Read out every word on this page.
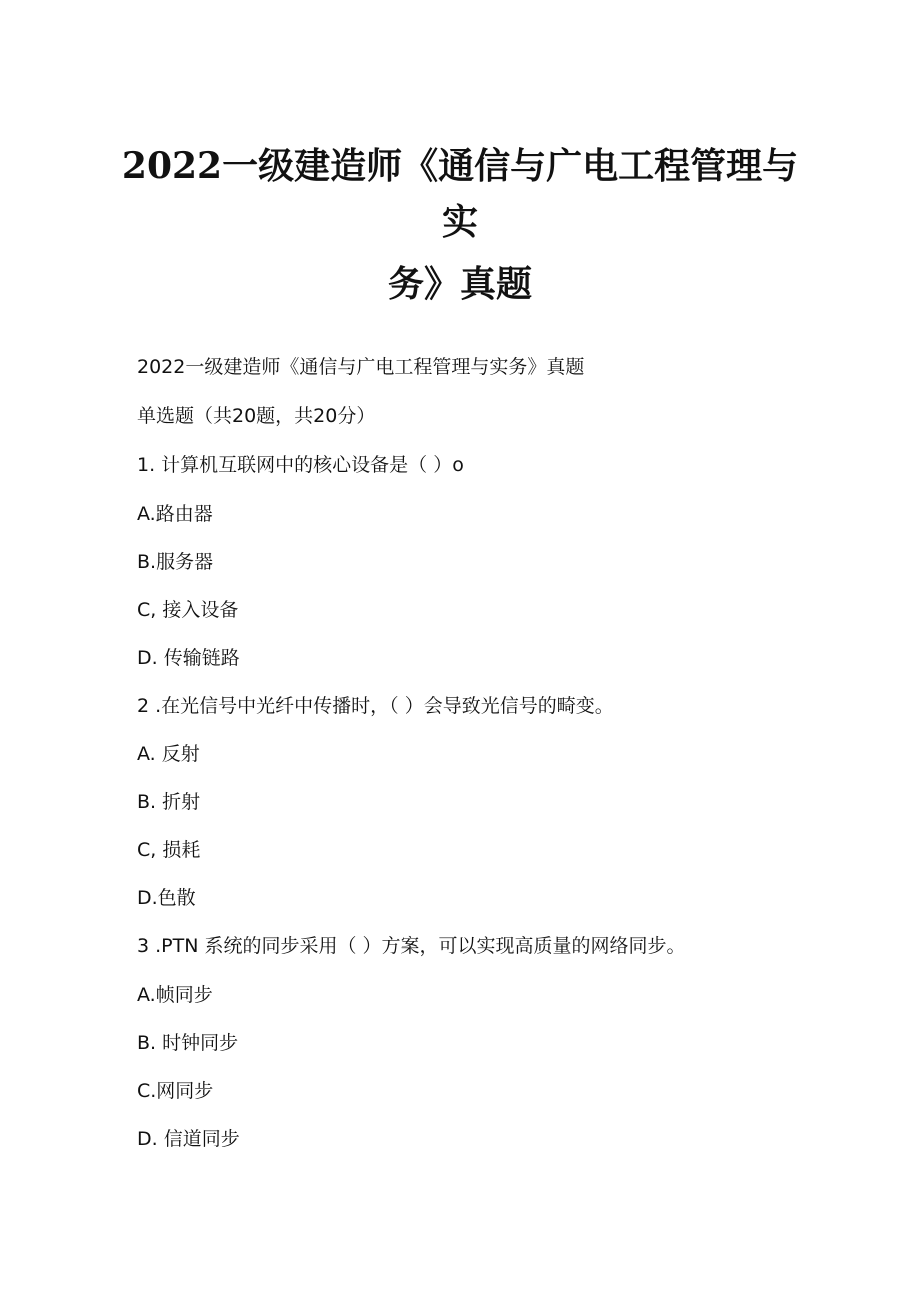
2022一级建造师《通信与广电工程管理与
实
务》真题
2022一级建造师《通信与广电工程管理与实务》真题
单选题（共20题，共20分）
1. 计算机互联网中的核心设备是（ ）o
A.路由器
B.服务器
C, 接入设备
D. 传输链路
2 .在光信号中光纤中传播时，（ ）会导致光信号的畸变。
A. 反射
B. 折射
C, 损耗
D.色散
3 .PTN 系统的同步采用（ ）方案，可以实现高质量的网络同步。
A.帧同步
B. 时钟同步
C.网同步
D. 信道同步
